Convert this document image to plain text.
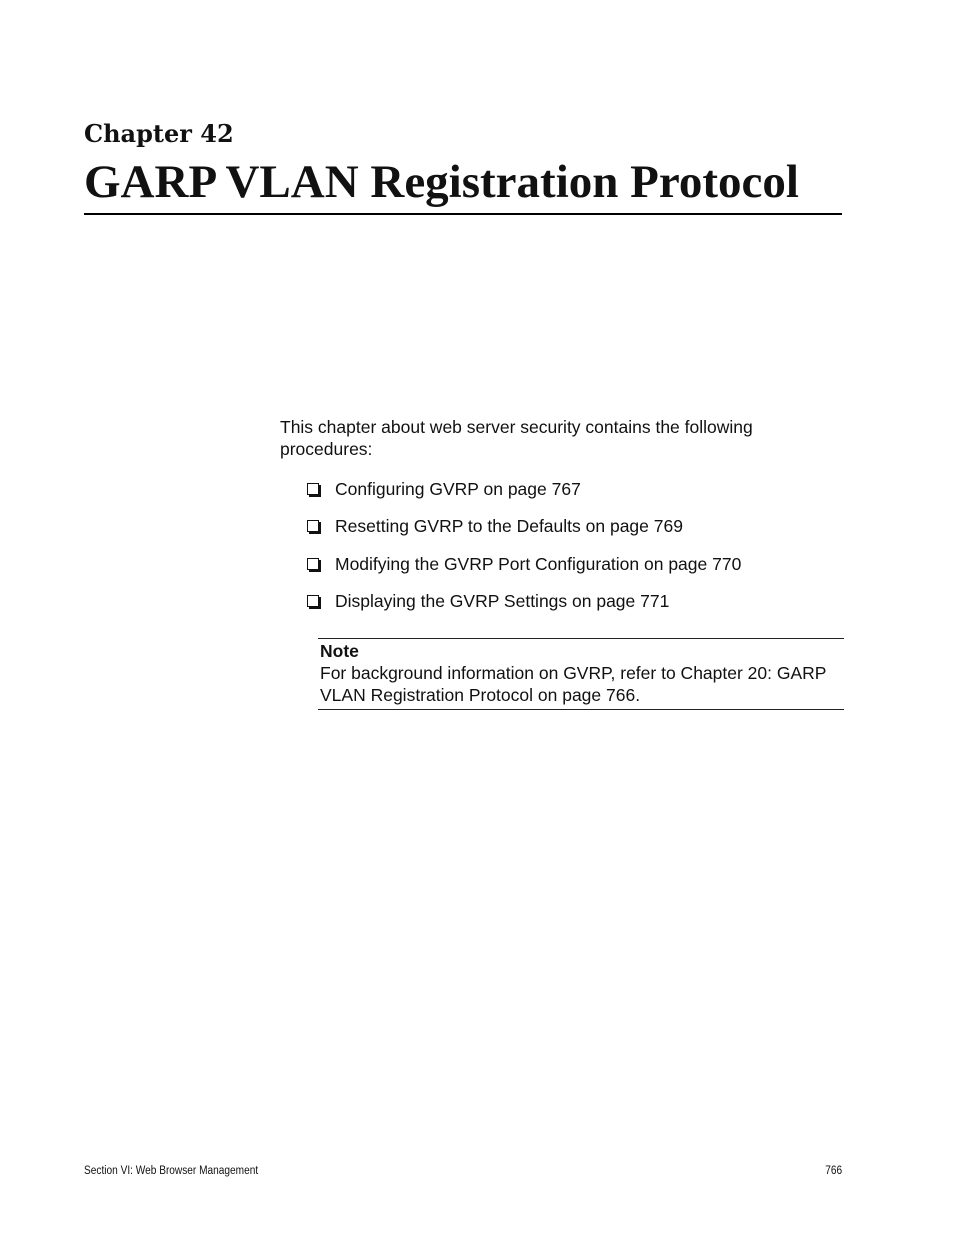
Chapter 42
GARP VLAN Registration Protocol

This chapter about web server security contains the following procedures:

Configuring GVRP on page 767
Resetting GVRP to the Defaults on page 769
Modifying the GVRP Port Configuration on page 770
Displaying the GVRP Settings on page 771

Note

For background information on GVRP, refer to Chapter 20: GARP VLAN Registration Protocol on page 766.

Section VI: Web Browser Management	766
